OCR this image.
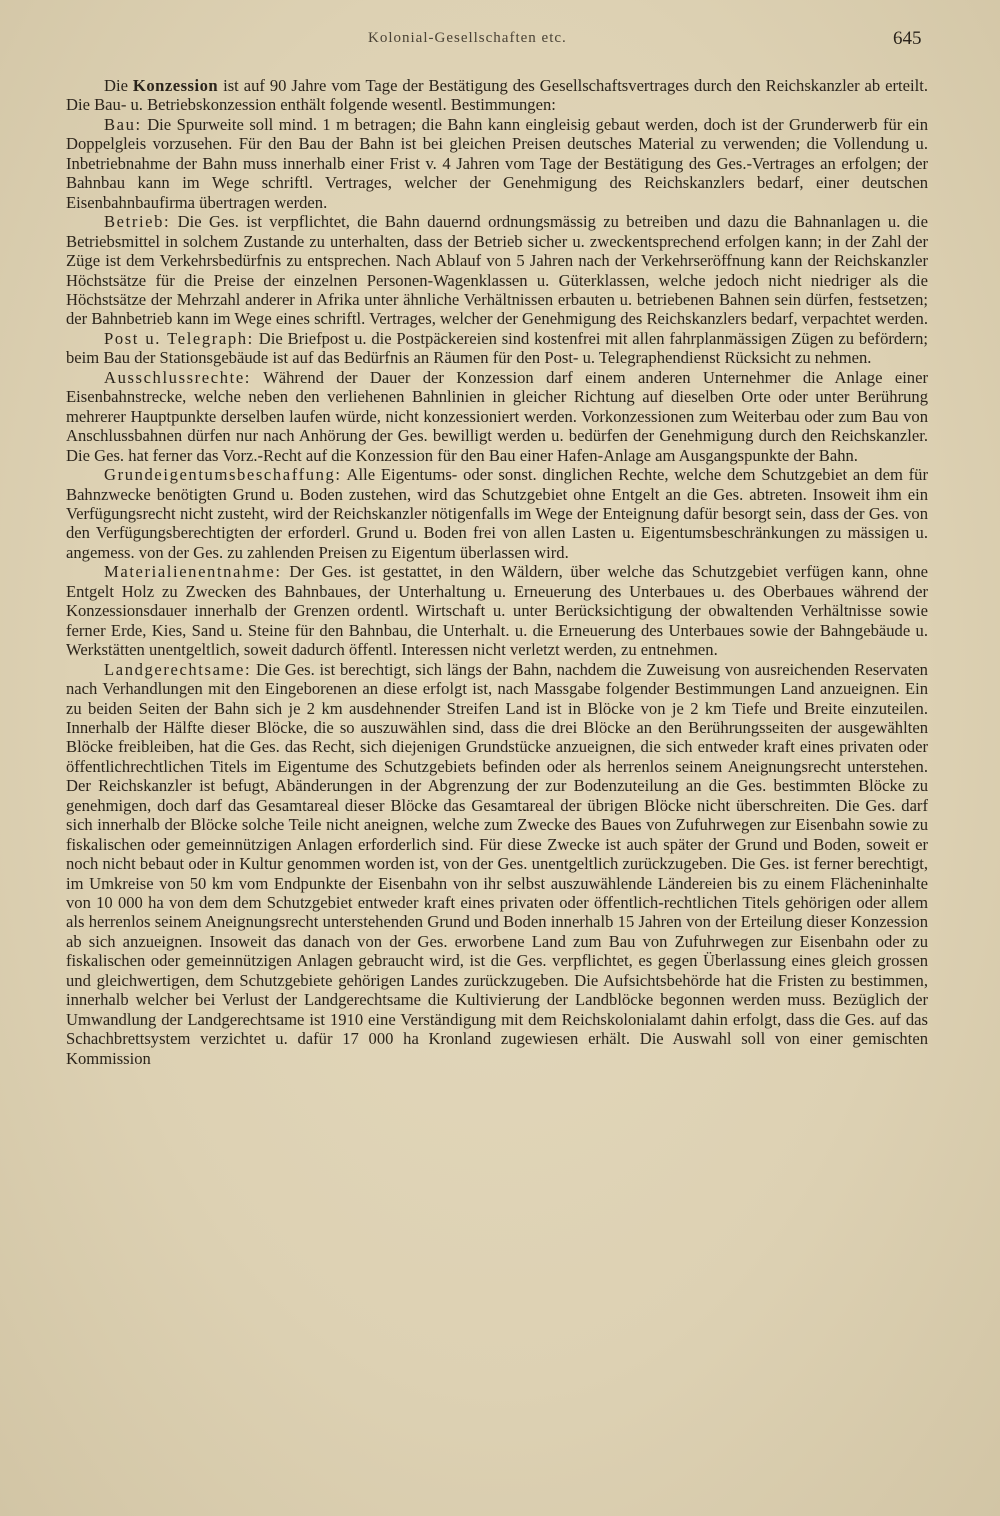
Kolonial-Gesellschaften etc.	645

Die Konzession ist auf 90 Jahre vom Tage der Bestätigung des Gesellschaftsvertrages durch den Reichskanzler ab erteilt. Die Bau- u. Betriebskonzession enthält folgende wesentl. Bestimmungen:

Bau: Die Spurweite soll mind. 1 m betragen; die Bahn kann eingleisig gebaut werden, doch ist der Grunderwerb für ein Doppelgleis vorzusehen. Für den Bau der Bahn ist bei gleichen Preisen deutsches Material zu verwenden; die Vollendung u. Inbetriebnahme der Bahn muss innerhalb einer Frist v. 4 Jahren vom Tage der Bestätigung des Ges.-Vertrages an erfolgen; der Bahnbau kann im Wege schriftl. Vertrages, welcher der Genehmigung des Reichskanzlers bedarf, einer deutschen Eisenbahnbaufirma übertragen werden.

Betrieb: Die Ges. ist verpflichtet, die Bahn dauernd ordnungsmässig zu betreiben und dazu die Bahnanlagen u. die Betriebsmittel in solchem Zustande zu unterhalten, dass der Betrieb sicher u. zweckentsprechend erfolgen kann; in der Zahl der Züge ist dem Verkehrsbedürfnis zu entsprechen. Nach Ablauf von 5 Jahren nach der Verkehrseröffnung kann der Reichskanzler Höchstsätze für die Preise der einzelnen Personen-Wagenklassen u. Güterklassen, welche jedoch nicht niedriger als die Höchstsätze der Mehrzahl anderer in Afrika unter ähnliche Verhältnissen erbauten u. betriebenen Bahnen sein dürfen, festsetzen; der Bahnbetrieb kann im Wege eines schriftl. Vertrages, welcher der Genehmigung des Reichskanzlers bedarf, verpachtet werden.

Post u. Telegraph: Die Briefpost u. die Postpäckereien sind kostenfrei mit allen fahrplanmässigen Zügen zu befördern; beim Bau der Stationsgebäude ist auf das Bedürfnis an Räumen für den Post- u. Telegraphendienst Rücksicht zu nehmen.

Ausschlussrechte: Während der Dauer der Konzession darf einem anderen Unternehmer die Anlage einer Eisenbahnstrecke, welche neben den verliehenen Bahnlinien in gleicher Richtung auf dieselben Orte oder unter Berührung mehrerer Hauptpunkte derselben laufen würde, nicht konzessioniert werden. Vorkonzessionen zum Weiterbau oder zum Bau von Anschlussbahnen dürfen nur nach Anhörung der Ges. bewilligt werden u. bedürfen der Genehmigung durch den Reichskanzler. Die Ges. hat ferner das Vorz.-Recht auf die Konzession für den Bau einer Hafen-Anlage am Ausgangspunkte der Bahn.

Grundeigentumsbeschaffung: Alle Eigentums- oder sonst. dinglichen Rechte, welche dem Schutzgebiet an dem für Bahnzwecke benötigten Grund u. Boden zustehen, wird das Schutzgebiet ohne Entgelt an die Ges. abtreten. Insoweit ihm ein Verfügungsrecht nicht zusteht, wird der Reichskanzler nötigenfalls im Wege der Enteignung dafür besorgt sein, dass der Ges. von den Verfügungsberechtigten der erforderl. Grund u. Boden frei von allen Lasten u. Eigentumsbeschränkungen zu mässigen u. angemess. von der Ges. zu zahlenden Preisen zu Eigentum überlassen wird.

Materialienentnahme: Der Ges. ist gestattet, in den Wäldern, über welche das Schutzgebiet verfügen kann, ohne Entgelt Holz zu Zwecken des Bahnbaues, der Unterhaltung u. Erneuerung des Unterbaues u. des Oberbaues während der Konzessionsdauer innerhalb der Grenzen ordentl. Wirtschaft u. unter Berücksichtigung der obwaltenden Verhältnisse sowie ferner Erde, Kies, Sand u. Steine für den Bahnbau, die Unterhalt. u. die Erneuerung des Unterbaues sowie der Bahngebäude u. Werkstätten unentgeltlich, soweit dadurch öffentl. Interessen nicht verletzt werden, zu entnehmen.

Landgerechtsame: Die Ges. ist berechtigt, sich längs der Bahn, nachdem die Zuweisung von ausreichenden Reservaten nach Verhandlungen mit den Eingeborenen an diese erfolgt ist, nach Massgabe folgender Bestimmungen Land anzueignen. Ein zu beiden Seiten der Bahn sich je 2 km ausdehnender Streifen Land ist in Blöcke von je 2 km Tiefe und Breite einzuteilen. Innerhalb der Hälfte dieser Blöcke, die so auszuwählen sind, dass die drei Blöcke an den Berührungsseiten der ausgewählten Blöcke freibleiben, hat die Ges. das Recht, sich diejenigen Grundstücke anzueignen, die sich entweder kraft eines privaten oder öffentlichrechtlichen Titels im Eigentume des Schutzgebiets befinden oder als herrenlos seinem Aneignungsrecht unterstehen. Der Reichskanzler ist befugt, Abänderungen in der Abgrenzung der zur Bodenzuteilung an die Ges. bestimmten Blöcke zu genehmigen, doch darf das Gesamtareal dieser Blöcke das Gesamtareal der übrigen Blöcke nicht überschreiten. Die Ges. darf sich innerhalb der Blöcke solche Teile nicht aneignen, welche zum Zwecke des Baues von Zufuhrwegen zur Eisenbahn sowie zu fiskalischen oder gemeinnützigen Anlagen erforderlich sind. Für diese Zwecke ist auch später der Grund und Boden, soweit er noch nicht bebaut oder in Kultur genommen worden ist, von der Ges. unentgeltlich zurückzugeben. Die Ges. ist ferner berechtigt, im Umkreise von 50 km vom Endpunkte der Eisenbahn von ihr selbst auszuwählende Ländereien bis zu einem Flächeninhalte von 10 000 ha von dem dem Schutzgebiet entweder kraft eines privaten oder öffentlich-rechtlichen Titels gehörigen oder allem als herrenlos seinem Aneignungsrecht unterstehenden Grund und Boden innerhalb 15 Jahren von der Erteilung dieser Konzession ab sich anzueignen. Insoweit das danach von der Ges. erworbene Land zum Bau von Zufuhrwegen zur Eisenbahn oder zu fiskalischen oder gemeinnützigen Anlagen gebraucht wird, ist die Ges. verpflichtet, es gegen Überlassung eines gleich grossen und gleichwertigen, dem Schutzgebiete gehörigen Landes zurückzugeben. Die Aufsichtsbehörde hat die Fristen zu bestimmen, innerhalb welcher bei Verlust der Landgerechtsame die Kultivierung der Landblöcke begonnen werden muss. Bezüglich der Umwandlung der Landgerechtsame ist 1910 eine Verständigung mit dem Reichskolonialamt dahin erfolgt, dass die Ges. auf das Schachbrettsystem verzichtet u. dafür 17 000 ha Kronland zugewiesen erhält. Die Auswahl soll von einer gemischten Kommission
